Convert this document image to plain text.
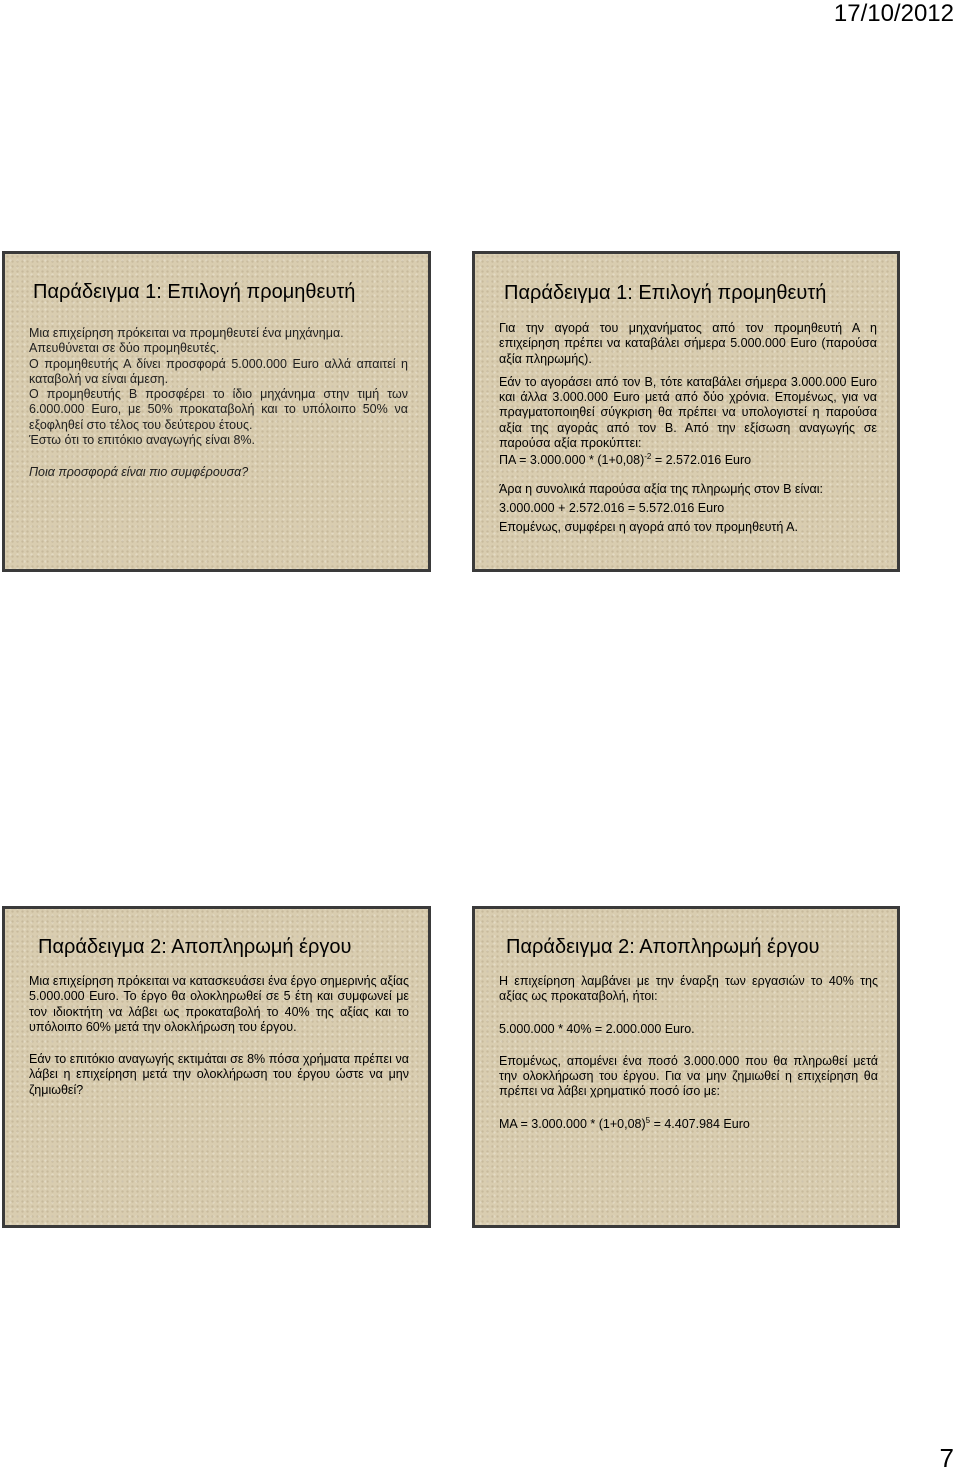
17/10/2012
Παράδειγμα 1: Επιλογή προμηθευτή

Μια επιχείρηση πρόκειται να προμηθευτεί ένα μηχάνημα.

Απευθύνεται σε δύο προμηθευτές.

Ο προμηθευτής Α δίνει προσφορά 5.000.000 Euro αλλά απαιτεί η καταβολή να είναι άμεση.

Ο προμηθευτής Β προσφέρει το ίδιο μηχάνημα στην τιμή των 6.000.000 Euro, με 50% προκαταβολή και το υπόλοιπο 50% να εξοφληθεί στο τέλος του δεύτερου έτους.

Έστω ότι το επιτόκιο αναγωγής είναι 8%.

Ποια προσφορά είναι πιο συμφέρουσα?

Παράδειγμα 1: Επιλογή προμηθευτή

Για την αγορά του μηχανήματος από τον προμηθευτή Α η επιχείρηση πρέπει να καταβάλει σήμερα 5.000.000 Euro (παρούσα αξία πληρωμής).

Εάν το αγοράσει από τον Β, τότε καταβάλει σήμερα 3.000.000 Euro και άλλα 3.000.000 Euro μετά από δύο χρόνια. Επομένως, για να πραγματοποιηθεί σύγκριση θα πρέπει να υπολογιστεί η παρούσα αξία της αγοράς από τον Β. Από την εξίσωση αναγωγής σε παρούσα αξία προκύπτει:

$\Pi A = 3.000.000 * (1+0,08)^{-2} = 2.572.016$ Euro

Άρα η συνολικά παρούσα αξία της πληρωμής στον Β είναι:

3.000.000 + 2.572.016 = 5.572.016 Euro

Επομένως, συμφέρει η αγορά από τον προμηθευτή Α.

Παράδειγμα 2: Αποπληρωμή έργου

Μια επιχείρηση πρόκειται να κατασκευάσει ένα έργο σημερινής αξίας 5.000.000 Euro. Το έργο θα ολοκληρωθεί σε 5 έτη και συμφωνεί με τον ιδιοκτήτη να λάβει ως προκαταβολή το 40% της αξίας και το υπόλοιπο 60% μετά την ολοκλήρωση του έργου.

Εάν το επιτόκιο αναγωγής εκτιμάται σε 8% πόσα χρήματα πρέπει να λάβει η επιχείρηση μετά την ολοκλήρωση του έργου ώστε να μην ζημιωθεί?

Παράδειγμα 2: Αποπληρωμή έργου

Η επιχείρηση λαμβάνει με την έναρξη των εργασιών το 40% της αξίας ως προκαταβολή, ήτοι:

5.000.000 * 40% = 2.000.000 Euro.

Επομένως, απομένει ένα ποσό 3.000.000 που θα πληρωθεί μετά την ολοκλήρωση του έργου. Για να μην ζημιωθεί η επιχείρηση θα πρέπει να λάβει χρηματικό ποσό ίσο με:

$MA = 3.000.000 * (1+0,08)^5 = 4.407.984$ Euro

7
